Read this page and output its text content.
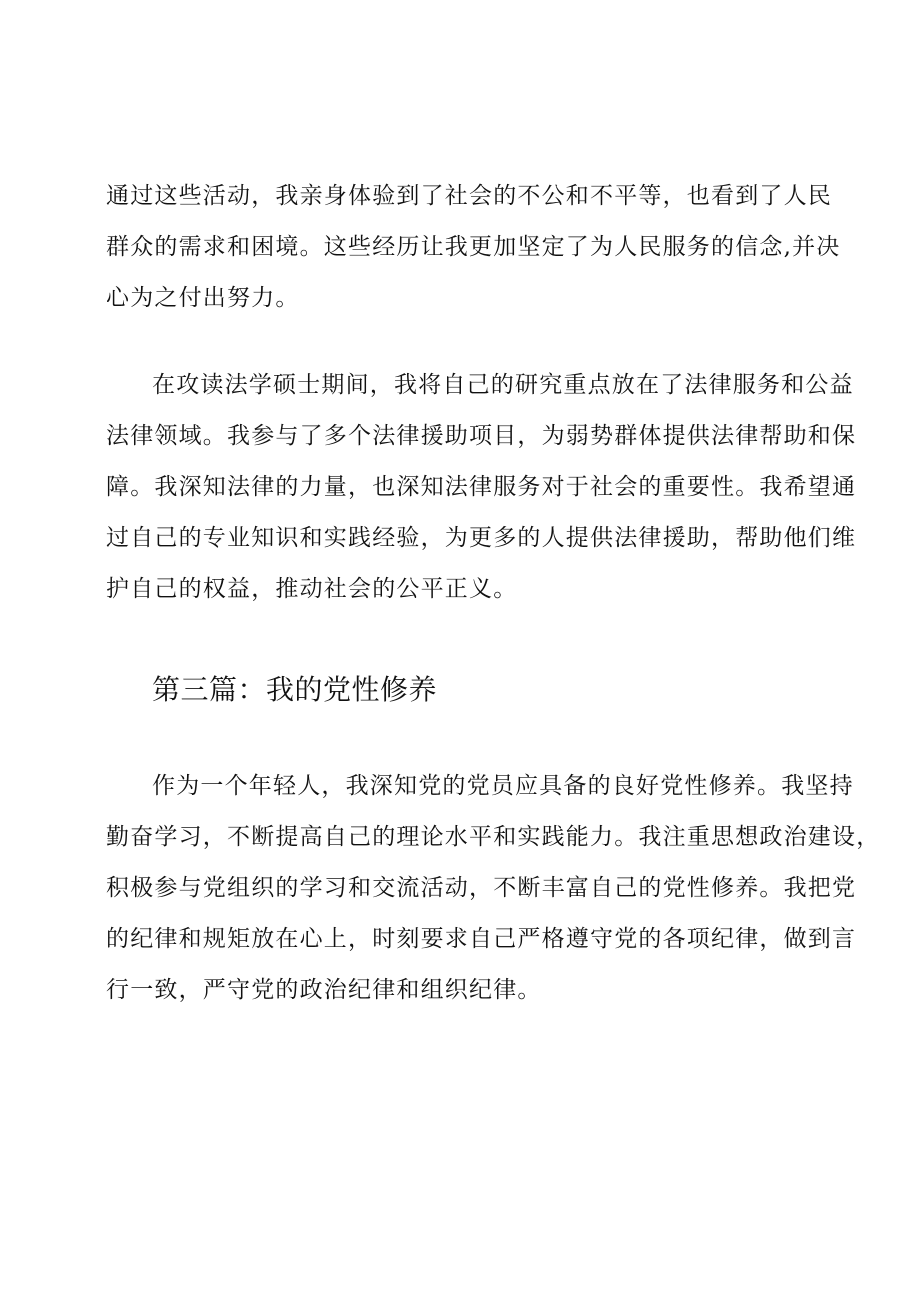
通过这些活动，我亲身体验到了社会的不公和不平等，也看到了人民
群众的需求和困境。这些经历让我更加坚定了为人民服务的信念,并决
心为之付出努力。
在攻读法学硕士期间，我将自己的研究重点放在了法律服务和公益
法律领域。我参与了多个法律援助项目，为弱势群体提供法律帮助和保
障。我深知法律的力量，也深知法律服务对于社会的重要性。我希望通
过自己的专业知识和实践经验，为更多的人提供法律援助，帮助他们维
护自己的权益，推动社会的公平正义。
第三篇：我的党性修养
作为一个年轻人，我深知党的党员应具备的良好党性修养。我坚持
勤奋学习，不断提高自己的理论水平和实践能力。我注重思想政治建设，
积极参与党组织的学习和交流活动，不断丰富自己的党性修养。我把党
的纪律和规矩放在心上，时刻要求自己严格遵守党的各项纪律，做到言
行一致，严守党的政治纪律和组织纪律。
